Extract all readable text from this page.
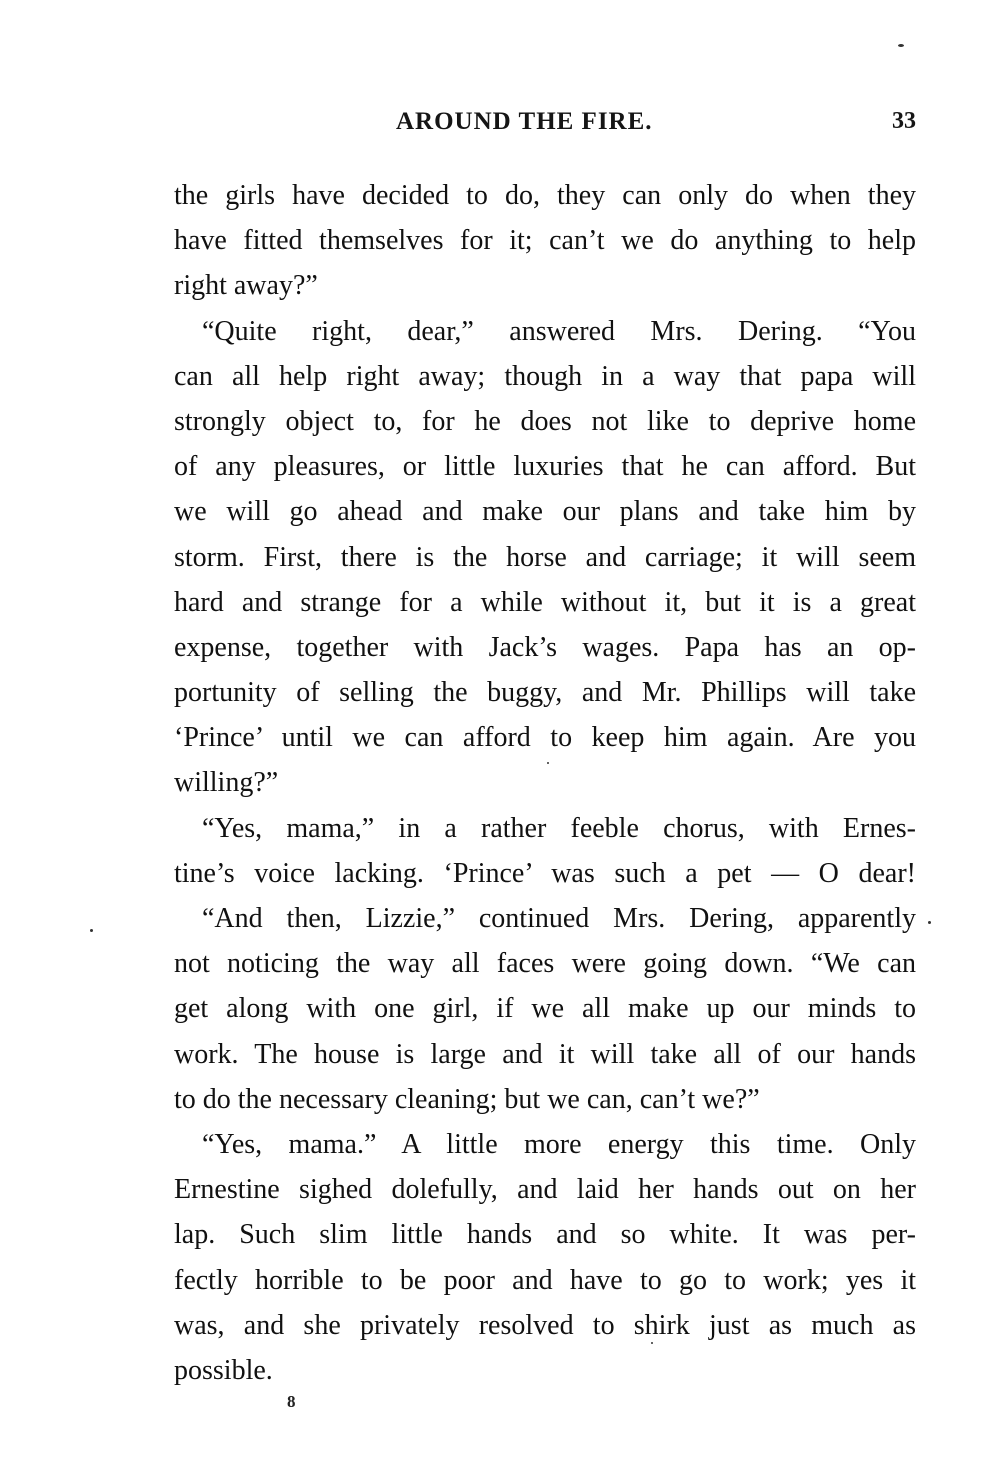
AROUND THE FIRE.	33
the girls have decided to do, they can only do when they
have fitted themselves for it; can’t we do anything to help
right away?”
“Quite right, dear,” answered Mrs. Dering. “You
can all help right away; though in a way that papa will
strongly object to, for he does not like to deprive home
of any pleasures, or little luxuries that he can afford. But
we will go ahead and make our plans and take him by
storm. First, there is the horse and carriage; it will seem
hard and strange for a while without it, but it is a great
expense, together with Jack’s wages. Papa has an op-
portunity of selling the buggy, and Mr. Phillips will take
‘Prince’ until we can afford to keep him again. Are you
willing?”
“Yes, mama,” in a rather feeble chorus, with Ernes-
tine’s voice lacking. ‘Prince’ was such a pet — O dear!
“And then, Lizzie,” continued Mrs. Dering, apparently
not noticing the way all faces were going down. “We can
get along with one girl, if we all make up our minds to
work. The house is large and it will take all of our hands
to do the necessary cleaning; but we can, can’t we?”
“Yes, mama.” A little more energy this time. Only
Ernestine sighed dolefully, and laid her hands out on her
lap. Such slim little hands and so white. It was per-
fectly horrible to be poor and have to go to work; yes it
was, and she privately resolved to shirk just as much as
possible.
8
